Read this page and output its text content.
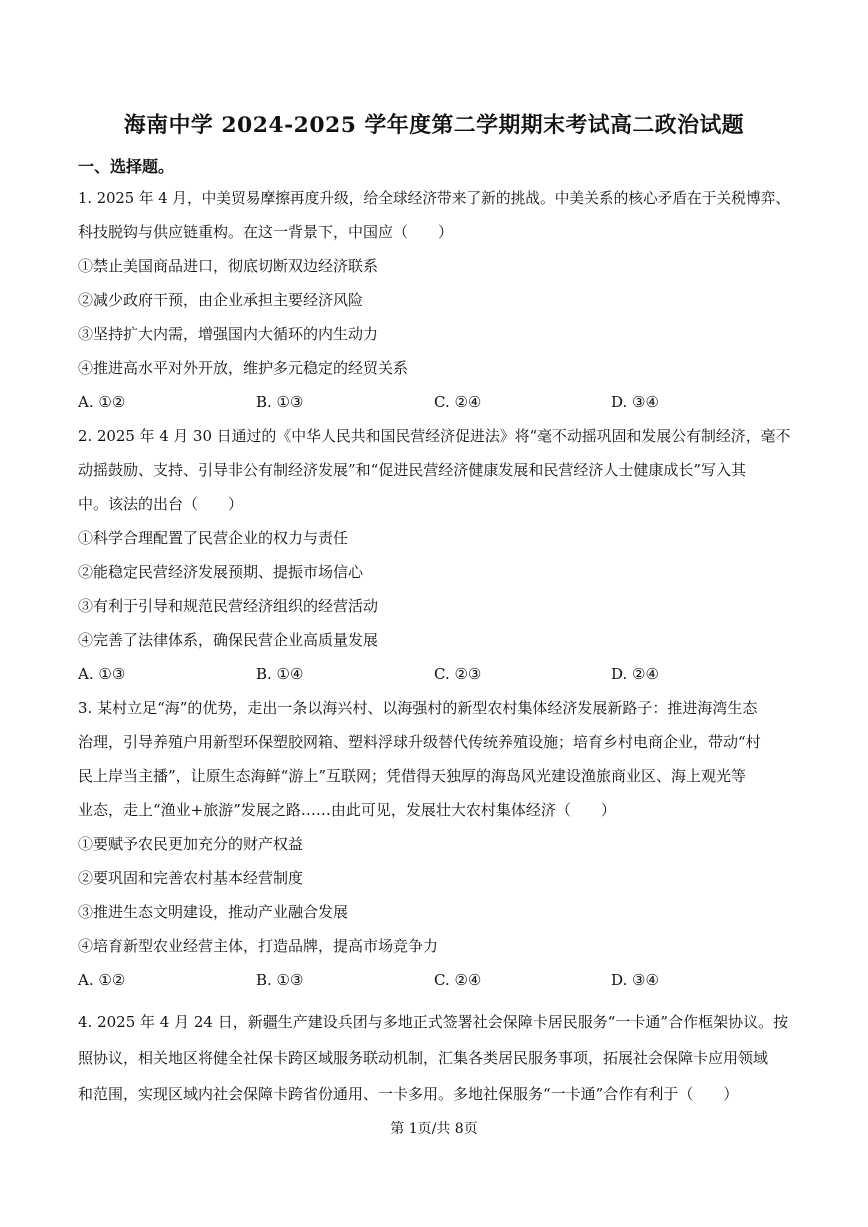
海南中学 2024-2025 学年度第二学期期末考试高二政治试题
一、选择题。
1. 2025 年 4 月，中美贸易摩擦再度升级，给全球经济带来了新的挑战。中美关系的核心矛盾在于关税博弈、
科技脱钩与供应链重构。在这一背景下，中国应（　　）
①禁止美国商品进口，彻底切断双边经济联系
②减少政府干预，由企业承担主要经济风险
③坚持扩大内需，增强国内大循环的内生动力
④推进高水平对外开放，维护多元稳定的经贸关系
A. ①②	B. ①③	C. ②④	D. ③④
2. 2025 年 4 月 30 日通过的《中华人民共和国民营经济促进法》将“毫不动摇巩固和发展公有制经济，毫不
动摇鼓励、支持、引导非公有制经济发展”和“促进民营经济健康发展和民营经济人士健康成长”写入其
中。该法的出台（　　）
①科学合理配置了民营企业的权力与责任
②能稳定民营经济发展预期、提振市场信心
③有利于引导和规范民营经济组织的经营活动
④完善了法律体系，确保民营企业高质量发展
A. ①③	B. ①④	C. ②③	D. ②④
3. 某村立足“海”的优势，走出一条以海兴村、以海强村的新型农村集体经济发展新路子：推进海湾生态
治理，引导养殖户用新型环保塑胶网箱、塑料浮球升级替代传统养殖设施；培育乡村电商企业，带动“村
民上岸当主播”，让原生态海鲜“游上”互联网；凭借得天独厚的海岛风光建设渔旅商业区、海上观光等
业态，走上“渔业+旅游”发展之路……由此可见，发展壮大农村集体经济（　　）
①要赋予农民更加充分的财产权益
②要巩固和完善农村基本经营制度
③推进生态文明建设，推动产业融合发展
④培育新型农业经营主体，打造品牌，提高市场竞争力
A. ①②	B. ①③	C. ②④	D. ③④
4. 2025 年 4 月 24 日，新疆生产建设兵团与多地正式签署社会保障卡居民服务“一卡通”合作框架协议。按
照协议，相关地区将健全社保卡跨区域服务联动机制，汇集各类居民服务事项，拓展社会保障卡应用领域
和范围，实现区域内社会保障卡跨省份通用、一卡多用。多地社保服务“一卡通”合作有利于（　　）
第 1页/共 8页
